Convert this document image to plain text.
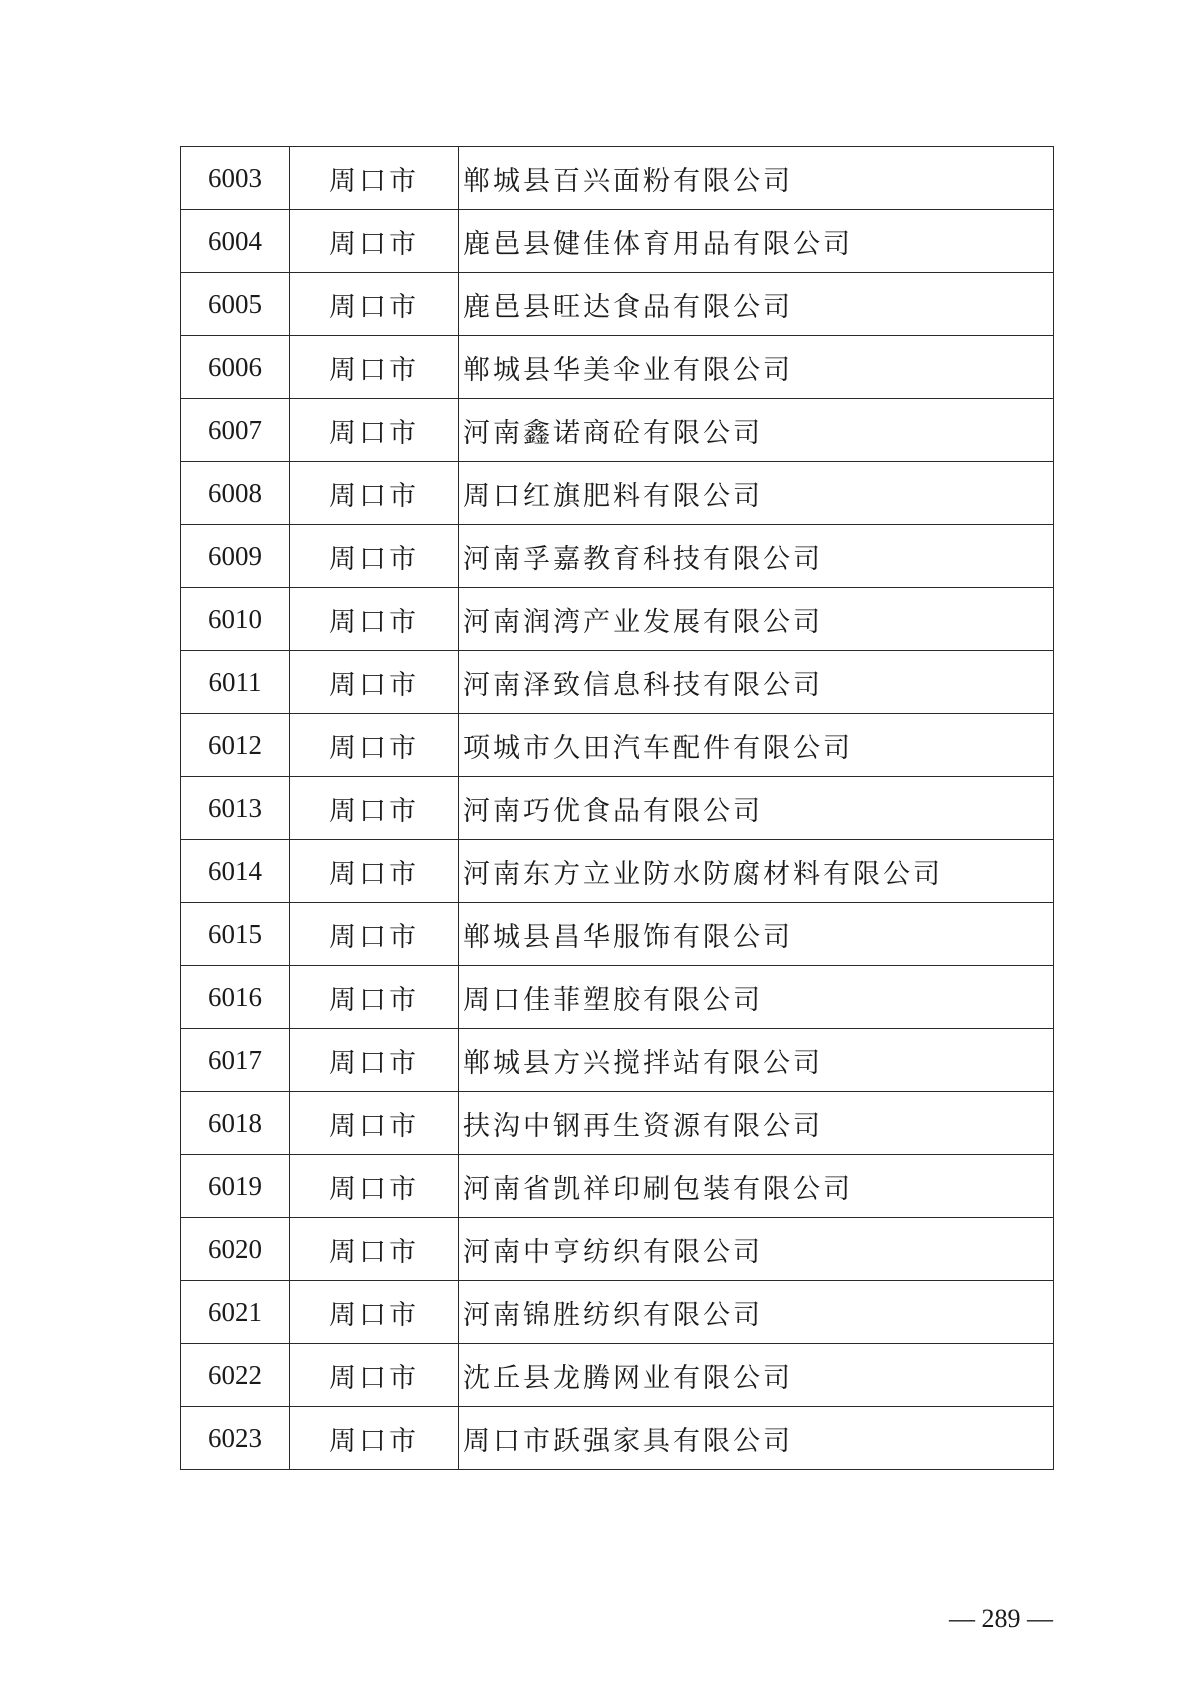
6003	周口市	郸城县百兴面粉有限公司
6004	周口市	鹿邑县健佳体育用品有限公司
6005	周口市	鹿邑县旺达食品有限公司
6006	周口市	郸城县华美伞业有限公司
6007	周口市	河南鑫诺商砼有限公司
6008	周口市	周口红旗肥料有限公司
6009	周口市	河南孚嘉教育科技有限公司
6010	周口市	河南润湾产业发展有限公司
6011	周口市	河南泽致信息科技有限公司
6012	周口市	项城市久田汽车配件有限公司
6013	周口市	河南巧优食品有限公司
6014	周口市	河南东方立业防水防腐材料有限公司
6015	周口市	郸城县昌华服饰有限公司
6016	周口市	周口佳菲塑胶有限公司
6017	周口市	郸城县方兴搅拌站有限公司
6018	周口市	扶沟中钢再生资源有限公司
6019	周口市	河南省凯祥印刷包装有限公司
6020	周口市	河南中亨纺织有限公司
6021	周口市	河南锦胜纺织有限公司
6022	周口市	沈丘县龙腾网业有限公司
6023	周口市	周口市跃强家具有限公司
— 289 —
